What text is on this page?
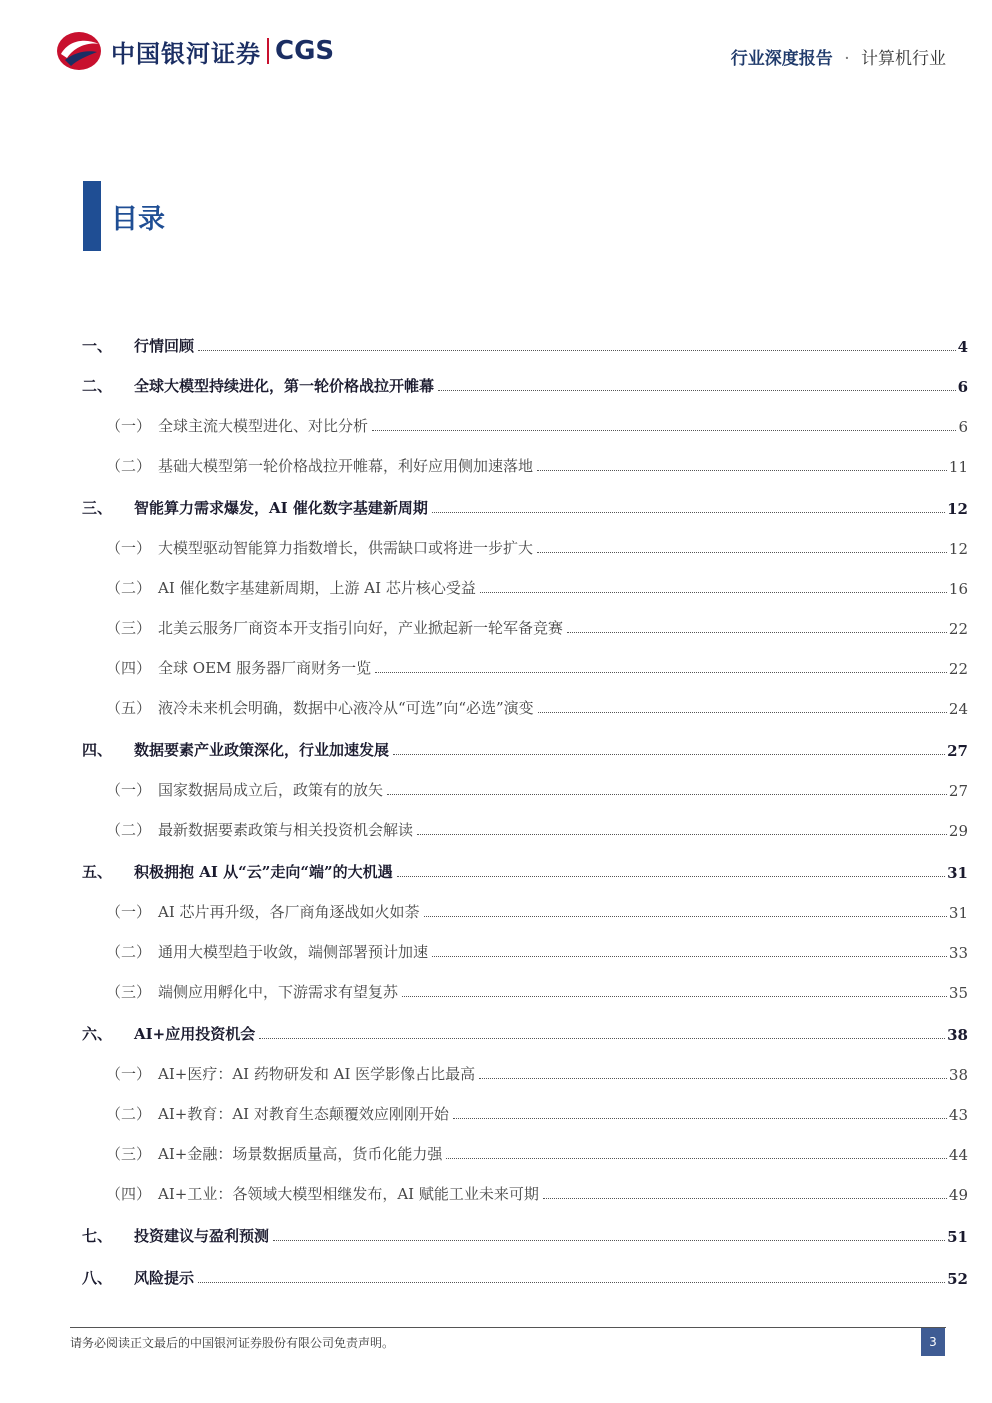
中国银河证券 CGS	行业深度报告 · 计算机行业
目录
一、 行情回顾	4
二、 全球大模型持续进化，第一轮价格战拉开帷幕	6
（一） 全球主流大模型进化、对比分析	6
（二） 基础大模型第一轮价格战拉开帷幕，利好应用侧加速落地	11
三、 智能算力需求爆发，AI 催化数字基建新周期	12
（一） 大模型驱动智能算力指数增长，供需缺口或将进一步扩大	12
（二） AI 催化数字基建新周期，上游 AI 芯片核心受益	16
（三） 北美云服务厂商资本开支指引向好，产业掀起新一轮军备竞赛	22
（四） 全球 OEM 服务器厂商财务一览	22
（五） 液冷未来机会明确，数据中心液冷从“可选”向“必选”演变	24
四、 数据要素产业政策深化，行业加速发展	27
（一） 国家数据局成立后，政策有的放矢	27
（二） 最新数据要素政策与相关投资机会解读	29
五、 积极拥抱 AI 从“云”走向“端”的大机遇	31
（一） AI 芯片再升级，各厂商角逐战如火如荼	31
（二） 通用大模型趋于收敛，端侧部署预计加速	33
（三） 端侧应用孵化中，下游需求有望复苏	35
六、 AI+应用投资机会	38
（一） AI+医疗：AI 药物研发和 AI 医学影像占比最高	38
（二） AI+教育：AI 对教育生态颠覆效应刚刚开始	43
（三） AI+金融：场景数据质量高，货币化能力强	44
（四） AI+工业：各领域大模型相继发布，AI 赋能工业未来可期	49
七、 投资建议与盈利预测	51
八、 风险提示	52
请务必阅读正文最后的中国银河证券股份有限公司免责声明。	3
